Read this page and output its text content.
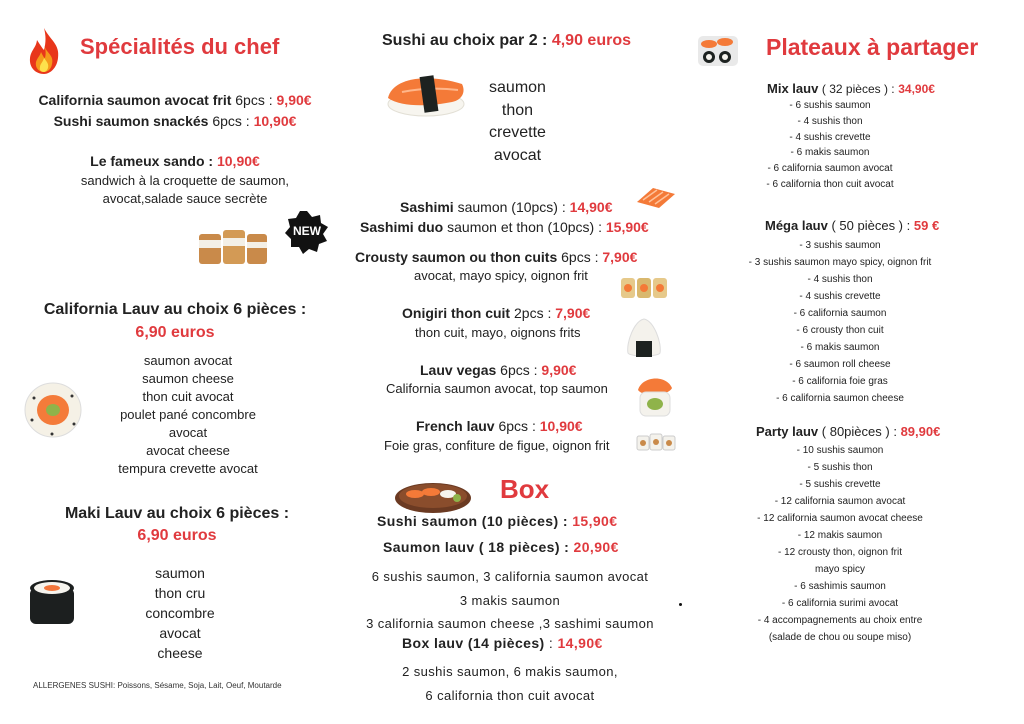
Spécialités du chef
California saumon avocat frit 6pcs : 9,90€
Sushi saumon snackés 6pcs : 10,90€
Le fameux sando : 10,90€
sandwich à la croquette de saumon,
avocat,salade sauce secrète
NEW
California Lauv au choix 6 pièces :
6,90 euros

saumon avocat

saumon cheese

thon cuit avocat

poulet pané concombre

avocat

avocat cheese

tempura crevette avocat

Maki Lauv au choix 6 pièces :
6,90 euros

saumon

thon cru

concombre

avocat

cheese

ALLERGENES SUSHI: Poissons, Sésame, Soja, Lait, Oeuf, Moutarde
Sushi au choix par 2 : 4,90 euros

saumon

thon

crevette

avocat

Sashimi saumon (10pcs) : 14,90€
Sashimi duo saumon et thon (10pcs) : 15,90€
Crousty saumon ou thon cuits 6pcs : 7,90€
avocat, mayo spicy, oignon frit
Onigiri thon cuit 2pcs : 7,90€
thon cuit, mayo, oignons frits
Lauv vegas 6pcs : 9,90€
California saumon avocat, top saumon
French lauv 6pcs : 10,90€
Foie gras, confiture de figue, oignon frit
Box
Sushi saumon (10 pièces) : 15,90€
Saumon lauv ( 18 pièces) : 20,90€

6 sushis saumon, 3 california saumon avocat

3 makis saumon

3 california saumon cheese ,3 sashimi saumon

Box lauv (14 pièces) : 14,90€

2 sushis saumon, 6 makis saumon,

6 california thon cuit avocat

Plateaux à partager
Mix lauv ( 32 pièces ) : 34,90€

- 6 sushis saumon

- 4 sushis thon

- 4 sushis crevette

- 6 makis saumon

- 6 california saumon avocat

- 6 california thon cuit avocat

Méga lauv ( 50 pièces ) : 59 €

- 3 sushis saumon

- 3 sushis saumon mayo spicy, oignon frit

- 4 sushis thon

- 4 sushis crevette

- 6 california saumon

- 6 crousty thon cuit

- 6 makis saumon

- 6 saumon roll cheese

- 6 california foie gras

- 6 california saumon cheese

Party lauv ( 80pièces ) : 89,90€

- 10 sushis saumon

- 5 sushis thon

- 5 sushis crevette

- 12 california saumon avocat

- 12 california saumon avocat cheese

- 12 makis saumon

- 12 crousty thon, oignon frit

mayo spicy

- 6 sashimis saumon

- 6 california surimi avocat

- 4 accompagnements au choix entre

(salade de chou ou soupe miso)
